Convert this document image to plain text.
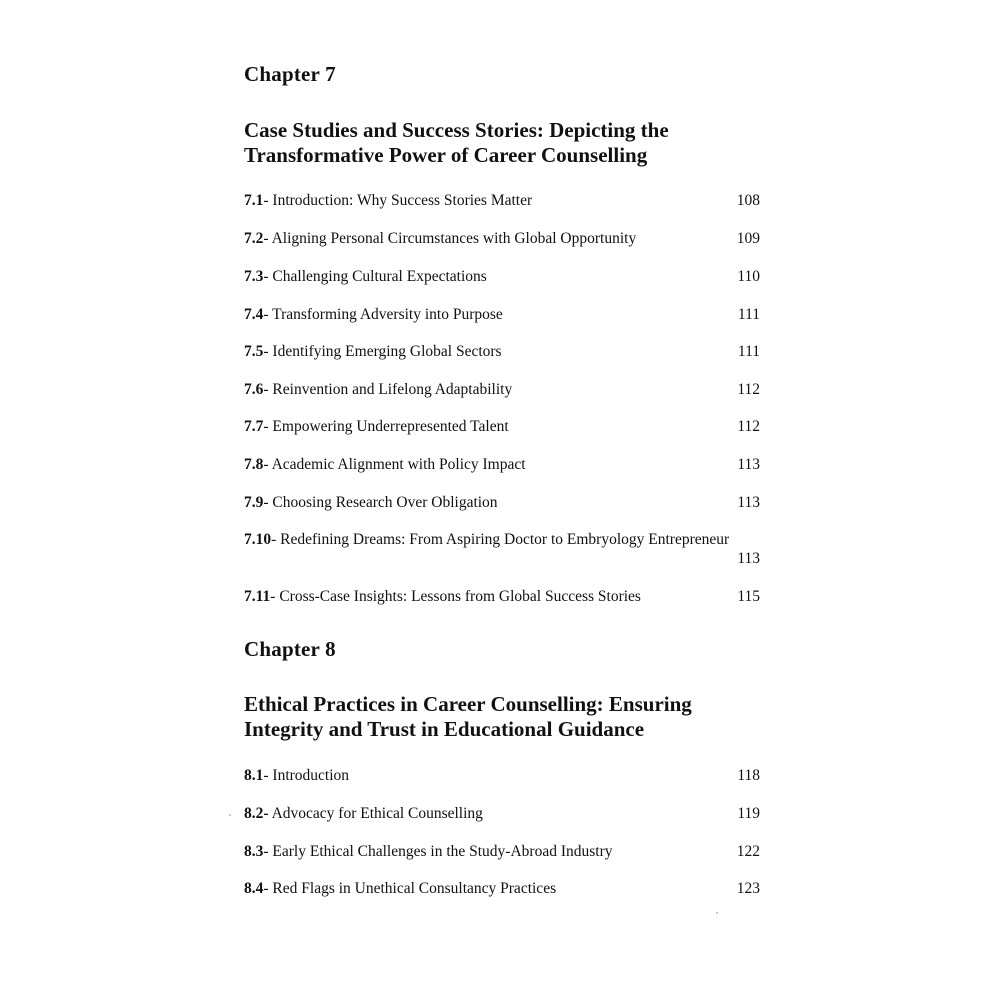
Chapter 7
Case Studies and Success Stories: Depicting the
Transformative Power of Career Counselling
7.1- Introduction: Why Success Stories Matter	108
7.2- Aligning Personal Circumstances with Global Opportunity	109
7.3- Challenging Cultural Expectations	110
7.4- Transforming Adversity into Purpose	111
7.5- Identifying Emerging Global Sectors	111
7.6- Reinvention and Lifelong Adaptability	112
7.7- Empowering Underrepresented Talent	112
7.8- Academic Alignment with Policy Impact	113
7.9- Choosing Research Over Obligation	113
7.10- Redefining Dreams: From Aspiring Doctor to Embryology Entrepreneur
113
7.11- Cross-Case Insights: Lessons from Global Success Stories	115
Chapter 8
Ethical Practices in Career Counselling: Ensuring
Integrity and Trust in Educational Guidance
8.1- Introduction	118
8.2- Advocacy for Ethical Counselling	119
8.3- Early Ethical Challenges in the Study-Abroad Industry	122
8.4- Red Flags in Unethical Consultancy Practices	123
